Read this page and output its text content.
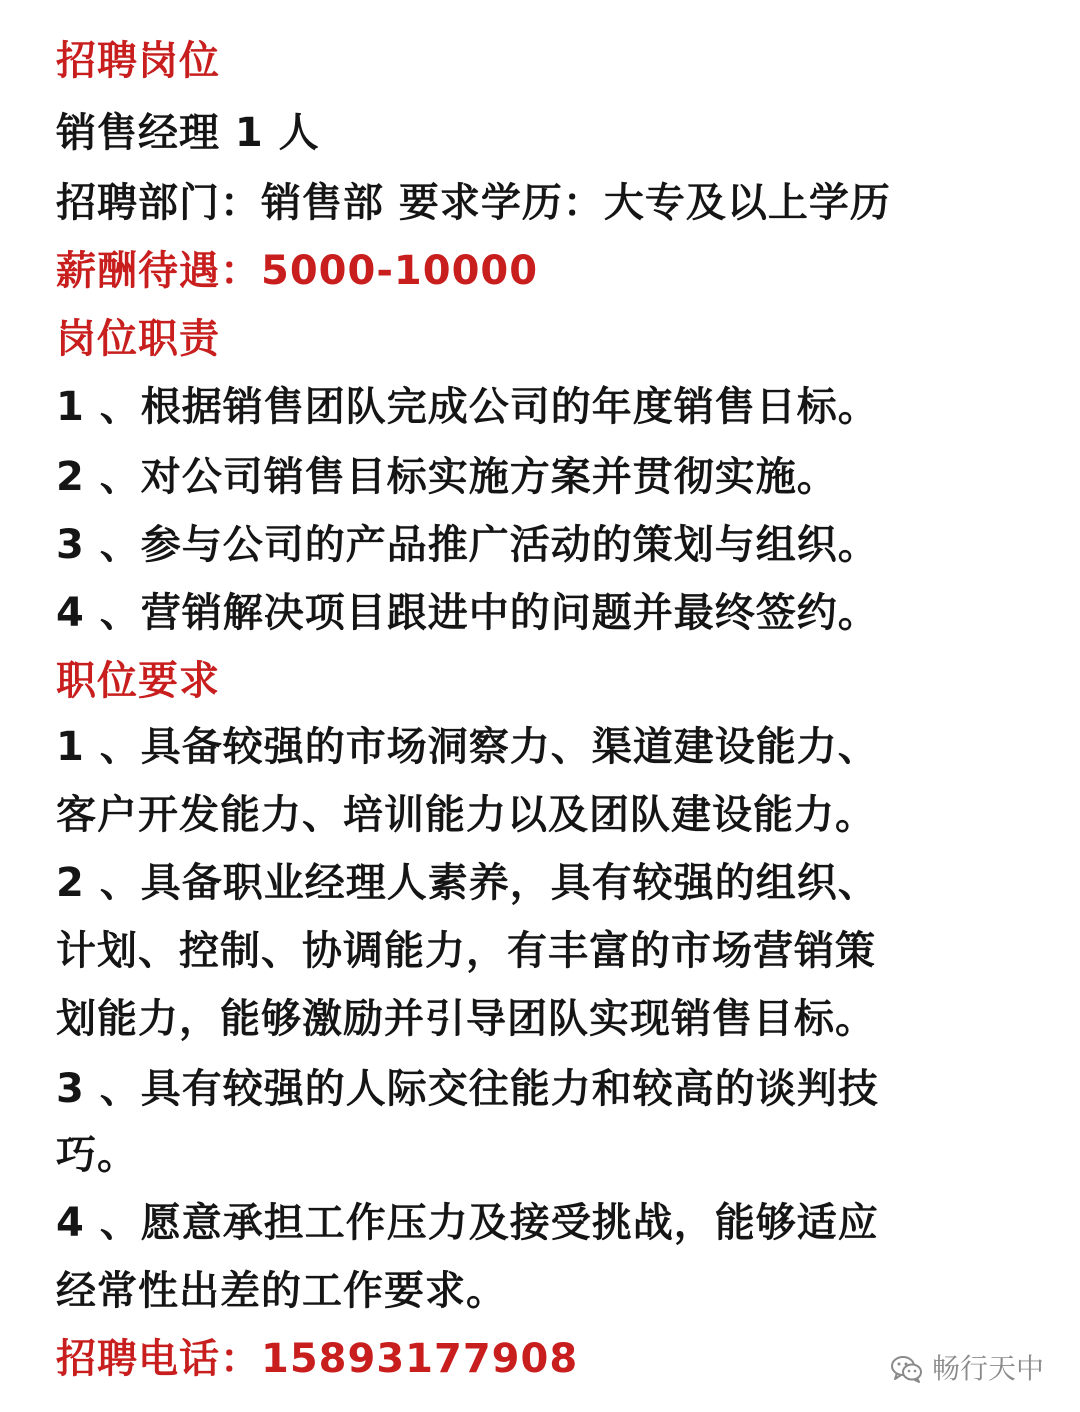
招聘岗位
销售经理 1 人
招聘部门：销售部 要求学历：大专及以上学历
薪酬待遇：5000-10000
岗位职责
1 、根据销售团队完成公司的年度销售日标。
2 、对公司销售目标实施方案并贯彻实施。
3 、参与公司的产品推广活动的策划与组织。
4 、营销解决项目跟进中的问题并最终签约。
职位要求
1 、具备较强的市场洞察力、渠道建设能力、
客户开发能力、培训能力以及团队建设能力。
2 、具备职业经理人素养，具有较强的组织、
计划、控制、协调能力，有丰富的市场营销策
划能力，能够激励并引导团队实现销售目标。
3 、具有较强的人际交往能力和较高的谈判技
巧。
4 、愿意承担工作压力及接受挑战，能够适应
经常性出差的工作要求。
招聘电话：15893177908	畅行天中
